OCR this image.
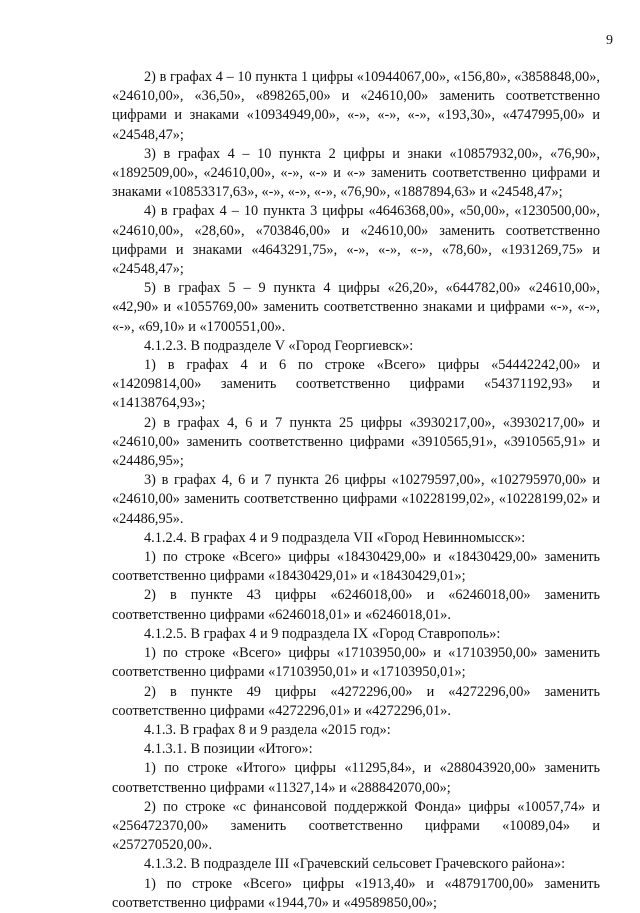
9

2) в графах 4 – 10 пункта 1 цифры «10944067,00», «156,80», «3858848,00», «24610,00», «36,50», «898265,00» и «24610,00» заменить соответственно цифрами и знаками «10934949,00», «-», «-», «-», «193,30», «4747995,00» и «24548,47»;

3) в графах 4 – 10 пункта 2 цифры и знаки «10857932,00», «76,90», «1892509,00», «24610,00», «-», «-» и «-» заменить соответственно цифрами и знаками «10853317,63», «-», «-», «-», «76,90», «1887894,63» и «24548,47»;

4) в графах 4 – 10 пункта 3 цифры «4646368,00», «50,00», «1230500,00», «24610,00», «28,60», «703846,00» и «24610,00» заменить соответственно цифрами и знаками «4643291,75», «-», «-», «-», «78,60», «1931269,75» и «24548,47»;

5) в графах 5 – 9 пункта 4 цифры «26,20», «644782,00» «24610,00», «42,90» и «1055769,00» заменить соответственно знаками и цифрами «-», «-», «-», «69,10» и «1700551,00».

4.1.2.3. В подразделе V «Город Георгиевск»:

1) в графах 4 и 6 по строке «Всего» цифры «54442242,00» и «14209814,00» заменить соответственно цифрами «54371192,93» и «14138764,93»;

2) в графах 4, 6 и 7 пункта 25 цифры «3930217,00», «3930217,00» и «24610,00» заменить соответственно цифрами «3910565,91», «3910565,91» и «24486,95»;

3) в графах 4, 6 и 7 пункта 26 цифры «10279597,00», «102795970,00» и «24610,00» заменить соответственно цифрами «10228199,02», «10228199,02» и «24486,95».

4.1.2.4. В графах 4 и 9 подраздела VII «Город Невинномысск»:

1) по строке «Всего» цифры «18430429,00» и «18430429,00» заменить соответственно цифрами «18430429,01» и «18430429,01»;

2) в пункте 43 цифры «6246018,00» и «6246018,00» заменить соответственно цифрами «6246018,01» и «6246018,01».

4.1.2.5. В графах 4 и 9 подраздела IX «Город Ставрополь»:

1) по строке «Всего» цифры «17103950,00» и «17103950,00» заменить соответственно цифрами «17103950,01» и «17103950,01»;

2) в пункте 49 цифры «4272296,00» и «4272296,00» заменить соответственно цифрами «4272296,01» и «4272296,01».

4.1.3. В графах 8 и 9 раздела «2015 год»:

4.1.3.1. В позиции «Итого»:

1) по строке «Итого» цифры «11295,84», и «288043920,00» заменить соответственно цифрами «11327,14» и «288842070,00»;

2) по строке «с финансовой поддержкой Фонда» цифры «10057,74» и «256472370,00» заменить соответственно цифрами «10089,04» и «257270520,00».

4.1.3.2. В подразделе III «Грачевский сельсовет Грачевского района»:

1) по строке «Всего» цифры «1913,40» и «48791700,00» заменить соответственно цифрами «1944,70» и «49589850,00»;
